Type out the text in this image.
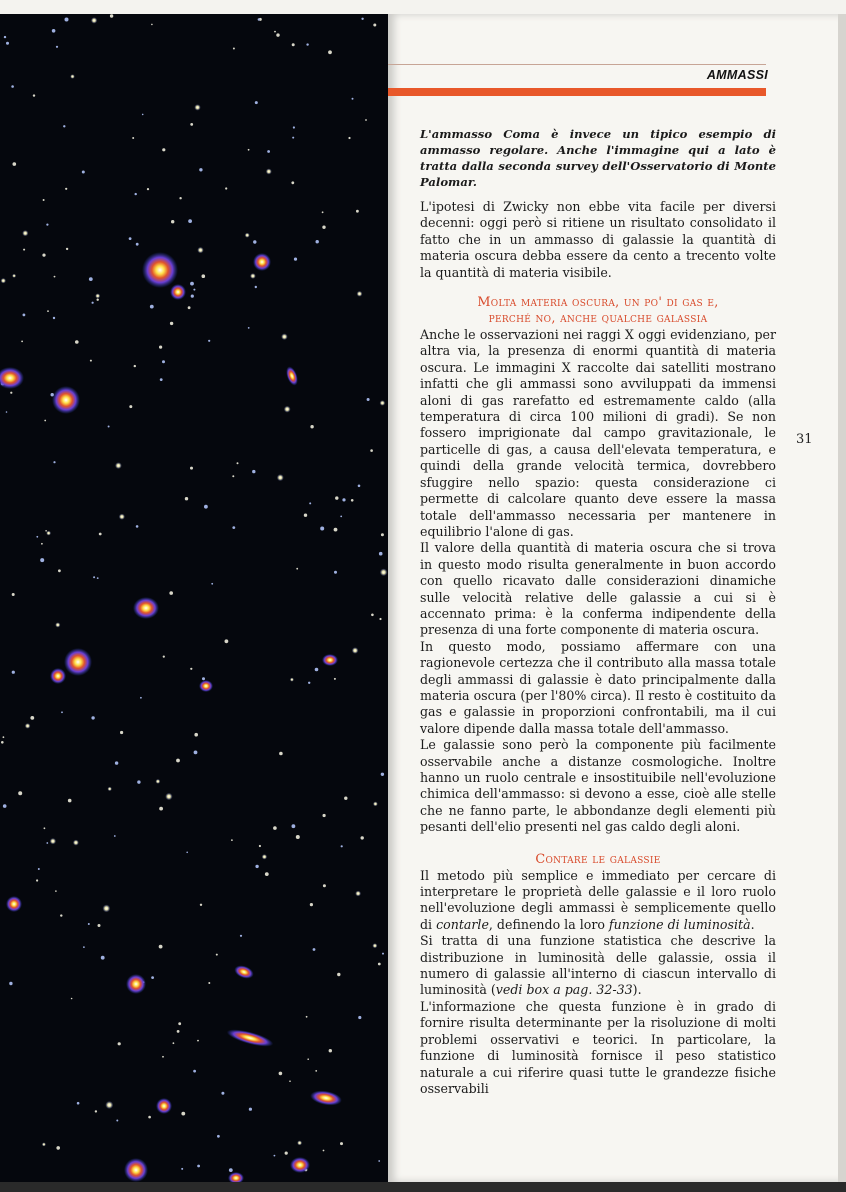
AMMASSI

L'ammasso Coma è invece un tipico esempio di ammasso regolare. Anche l'immagine qui a lato è tratta dalla seconda survey dell'Osservatorio di Monte Palomar.

L'ipotesi di Zwicky non ebbe vita facile per diversi decenni: oggi però si ritiene un risultato consolidato il fatto che in un ammasso di galassie la quantità di materia oscura debba essere da cento a trecento volte la quantità di materia visibile.

Molta materia oscura, un po' di gas e,
perché no, anche qualche galassia

Anche le osservazioni nei raggi X oggi evidenziano, per altra via, la presenza di enormi quantità di materia oscura. Le immagini X raccolte dai satelliti mostrano infatti che gli ammassi sono avviluppati da immensi aloni di gas rarefatto ed estremamente caldo (alla temperatura di circa 100 milioni di gradi). Se non fossero imprigionate dal campo gravitazionale, le particelle di gas, a causa dell'elevata temperatura, e quindi della grande velocità termica, dovrebbero sfuggire nello spazio: questa considerazione ci permette di calcolare quanto deve essere la massa totale dell'ammasso necessaria per mantenere in equilibrio l'alone di gas.

Il valore della quantità di materia oscura che si trova in questo modo risulta generalmente in buon accordo con quello ricavato dalle considerazioni dinamiche sulle velocità relative delle galassie a cui si è accennato prima: è la conferma indipendente della presenza di una forte componente di materia oscura.

In questo modo, possiamo affermare con una ragionevole certezza che il contributo alla massa totale degli ammassi di galassie è dato principalmente dalla materia oscura (per l'80% circa). Il resto è costituito da gas e galassie in proporzioni confrontabili, ma il cui valore dipende dalla massa totale dell'ammasso.

Le galassie sono però la componente più facilmente osservabile anche a distanze cosmologiche. Inoltre hanno un ruolo centrale e insostituibile nell'evoluzione chimica dell'ammasso: si devono a esse, cioè alle stelle che ne fanno parte, le abbondanze degli elementi più pesanti dell'elio presenti nel gas caldo degli aloni.

Contare le galassie

Il metodo più semplice e immediato per cercare di interpretare le proprietà delle galassie e il loro ruolo nell'evoluzione degli ammassi è semplicemente quello di contarle, definendo la loro funzione di luminosità.

Si tratta di una funzione statistica che descrive la distribuzione in luminosità delle galassie, ossia il numero di galassie all'interno di ciascun intervallo di luminosità (vedi box a pag. 32-33).

L'informazione che questa funzione è in grado di fornire risulta determinante per la risoluzione di molti problemi osservativi e teorici. In particolare, la funzione di luminosità fornisce il peso statistico naturale a cui riferire quasi tutte le grandezze fisiche osservabili

31
